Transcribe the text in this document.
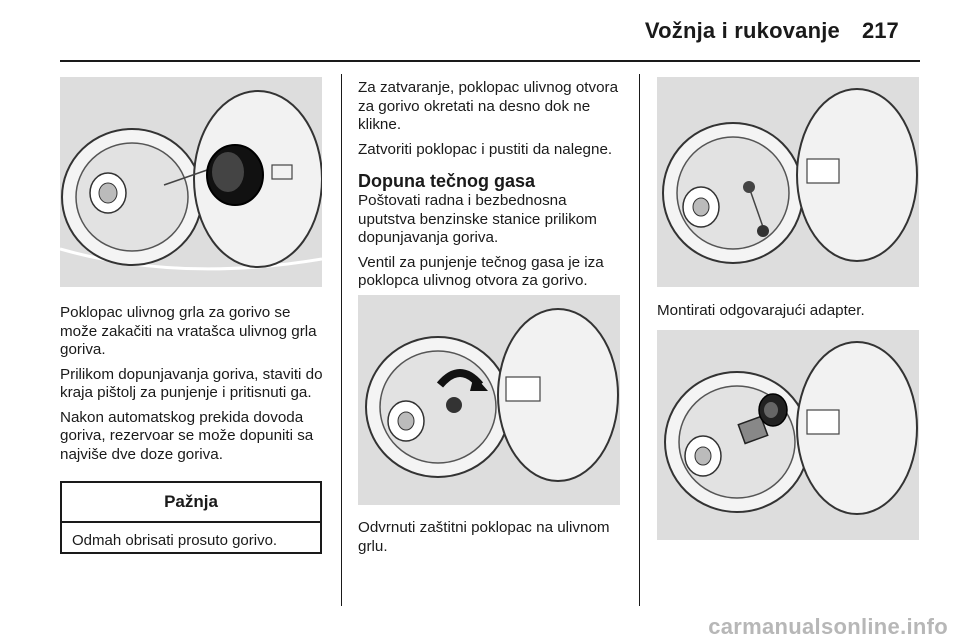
Vožnja i rukovanje 217

Poklopac ulivnog grla za gorivo se može zakačiti na vratašca ulivnog grla goriva.

Prilikom dopunjavanja goriva, staviti do kraja pištolj za punjenje i pritisnuti ga.

Nakon automatskog prekida dovoda goriva, rezervoar se može dopuniti sa najviše dve doze goriva.

Pažnja
Odmah obrisati prosuto gorivo.

Za zatvaranje, poklopac ulivnog otvora za gorivo okretati na desno dok ne klikne.

Zatvoriti poklopac i pustiti da nalegne.

Dopuna tečnog gasa

Poštovati radna i bezbednosna uputstva benzinske stanice prilikom dopunjavanja goriva.

Ventil za punjenje tečnog gasa je iza poklopca ulivnog otvora za gorivo.

Odvrnuti zaštitni poklopac na ulivnom grlu.
Montirati odgovarajući adapter.
carmanualsonline.info
